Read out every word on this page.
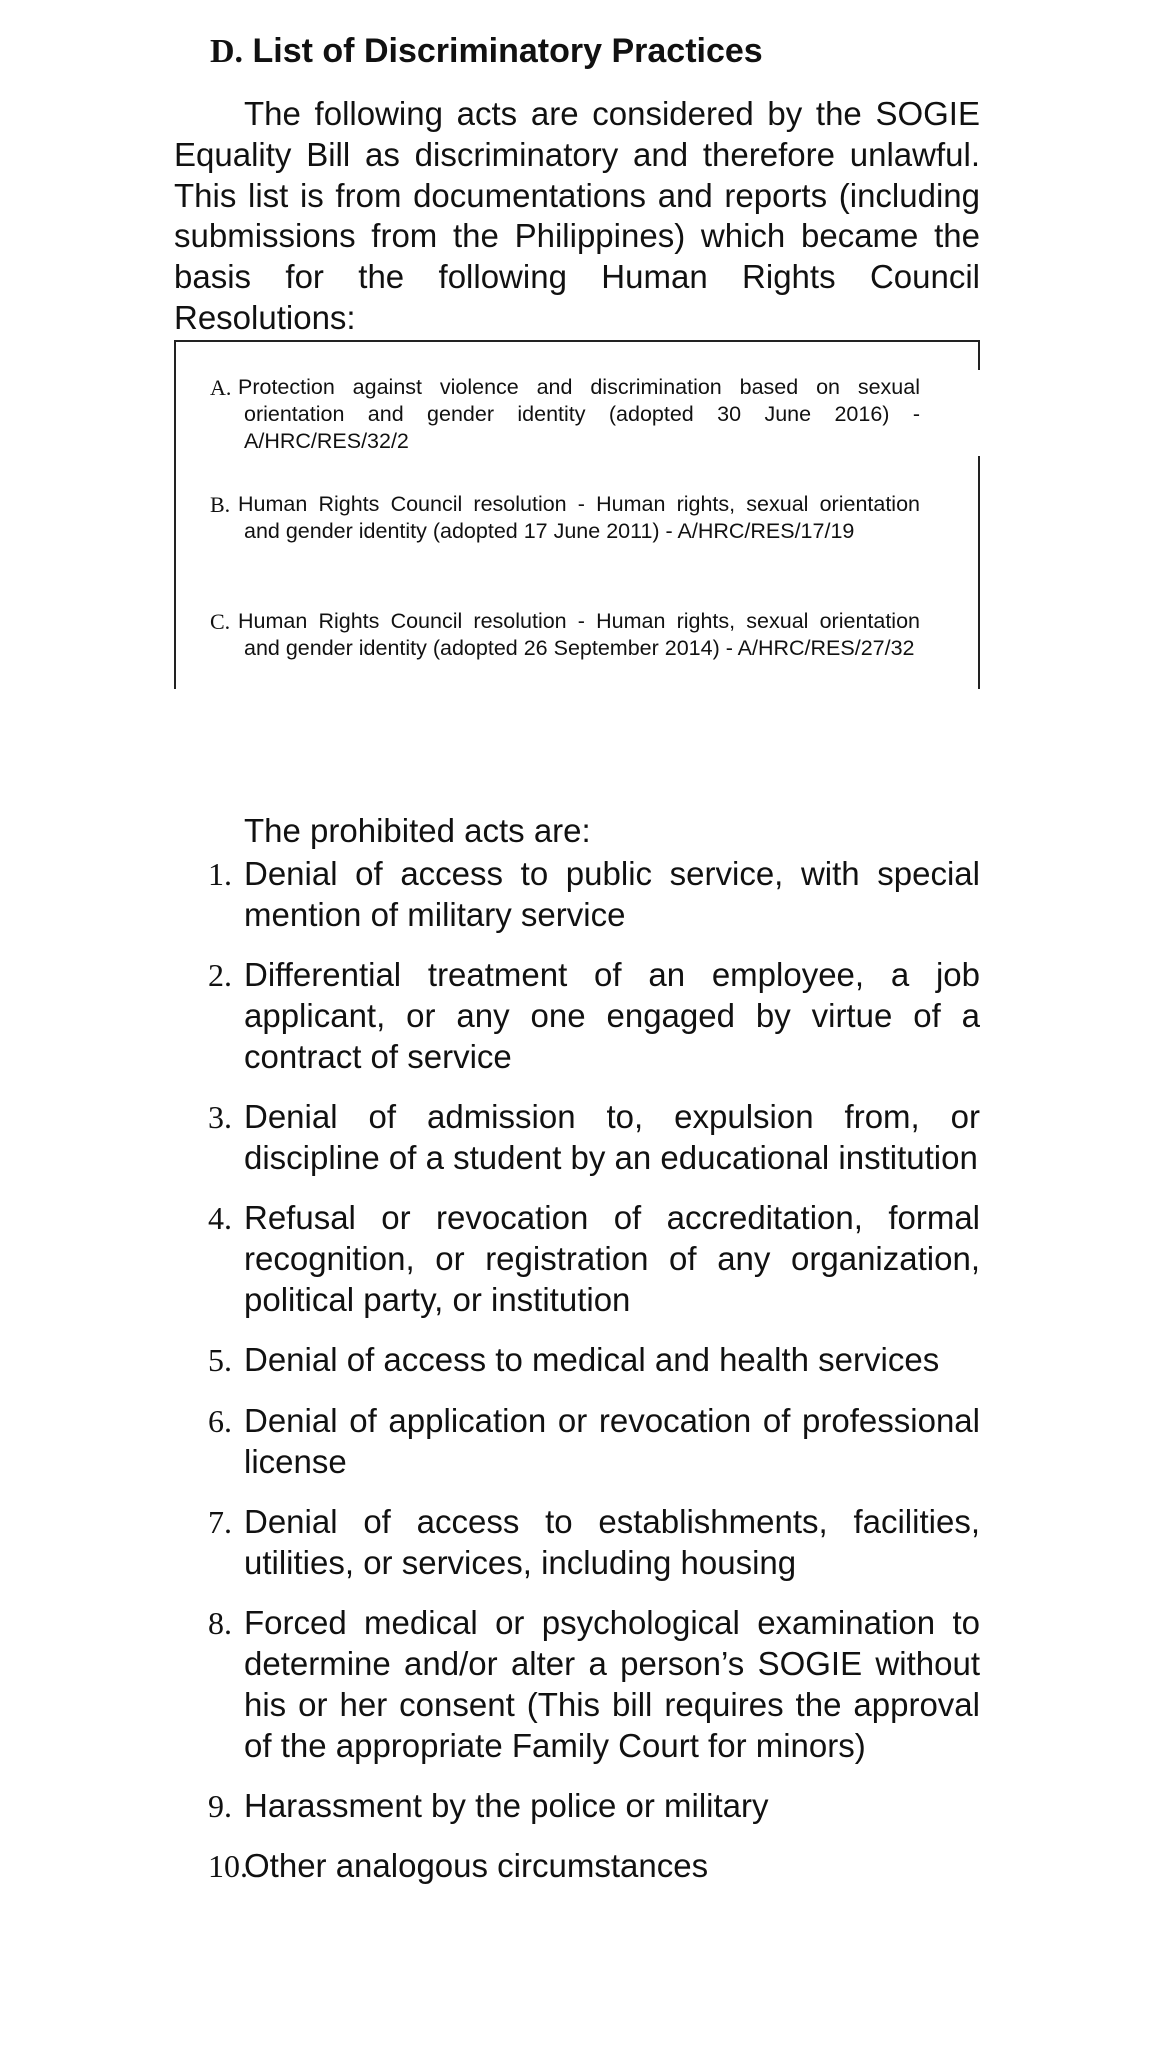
D. List of Discriminatory Practices

The following acts are considered by the SOGIE Equality Bill as discriminatory and therefore unlawful. This list is from documentations and reports (including submissions from the Philippines) which became the basis for the following Human Rights Council Resolutions:

A. Protection against violence and discrimination based on sexual orientation and gender identity (adopted 30 June 2016) - A/HRC/RES/32/2
B. Human Rights Council resolution - Human rights, sexual orientation and gender identity (adopted 17 June 2011) - A/HRC/RES/17/19
C. Human Rights Council resolution - Human rights, sexual orientation and gender identity (adopted 26 September 2014) - A/HRC/RES/27/32
The prohibited acts are:
1. Denial of access to public service, with special mention of military service
2. Differential treatment of an employee, a job applicant, or any one engaged by virtue of a contract of service
3. Denial of admission to, expulsion from, or discipline of a student by an educational institution
4. Refusal or revocation of accreditation, formal recognition, or registration of any organization, political party, or institution
5. Denial of access to medical and health services
6. Denial of application or revocation of professional license
7. Denial of access to establishments, facilities, utilities, or services, including housing
8. Forced medical or psychological examination to determine and/or alter a person’s SOGIE without his or her consent (This bill requires the approval of the appropriate Family Court for minors)
9. Harassment by the police or military
10.
Other analogous circumstances
